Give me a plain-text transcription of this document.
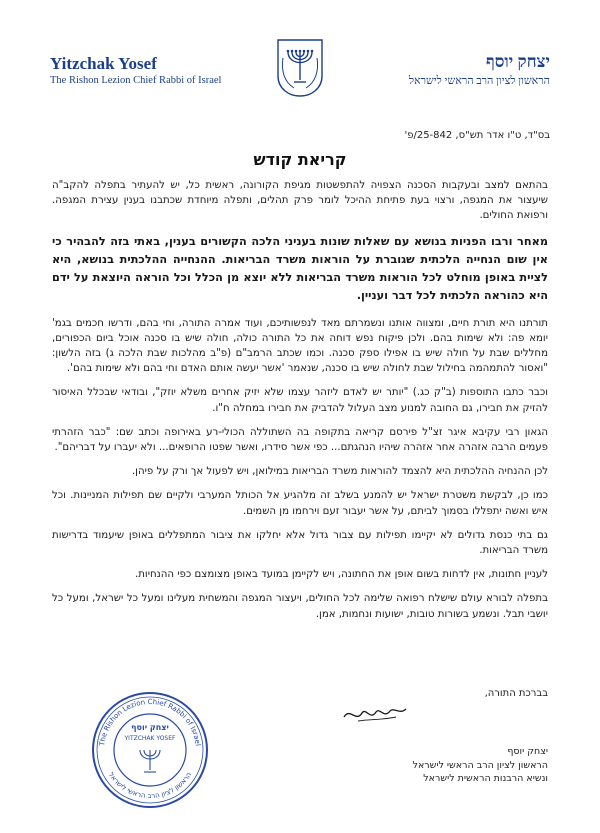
Yitzchak Yosef
The Rishon Lezion Chief Rabbi of Israel
יצחק יוסף
הראשון לציון הרב הראשי לישראל
בס"ד, ט"ו אדר תש"ס, 25-842/פ'
קריאת קודש

בהתאם למצב ובעקבות הסכנה הצפויה להתפשטות מגיפת הקורונה, ראשית כל, יש להעתיר בתפלה להקב"ה שיעצור את המגפה, ורצוי בעת פתיחת ההיכל לומר פרק תהלים, ותפלה מיוחדת שכתבנו בענין עצירת המגפה. ורפואת החולים.

מאחר ורבו הפניות בנושא עם שאלות שונות בעניני הלכה הקשורים בענין, באתי בזה להבהיר כי אין שום הנחייה הלכתית שגוברת על הוראות משרד הבריאות. ההנחייה ההלכתית בנושא, היא לציית באופן מוחלט לכל הוראות משרד הבריאות ללא יוצא מן הכלל וכל הוראה היוצאת על ידם היא כהוראה הלכתית לכל דבר ועניין.

תורתנו היא תורת חיים, ומצווה אותנו ונשמרתם מאד לנפשותיכם, ועוד אמרה התורה, וחי בהם, ודרשו חכמים בגמ' יומא פה: ולא שימות בהם. ולכן פיקוח נפש דוחה את כל התורה כולה, חולה שיש בו סכנה אוכל ביום הכפורים, מחללים שבת על חולה שיש בו אפילו ספק סכנה. וכמו שכתב הרמב"ם (פ"ב מהלכות שבת הלכה ג) בזה הלשון: "ואסור להתמהמה בחילול שבת לחולה שיש בו סכנה, שנאמר 'אשר יעשה אותם האדם וחי בהם ולא שימות בהם'.

וכבר כתבו התוספות (ב"ק כג.) "יותר יש לאדם ליזהר עצמו שלא יזיק אחרים משלא יוזק", ובודאי שבכלל האיסור להזיק את חבירו, גם החובה למנוע מצב העלול להדביק את חבירו במחלה ח"ו.

הגאון רבי עקיבא איגר זצ"ל פירסם קריאה בתקופה בה השתוללה הכולי-רע באירופה וכתב שם: "כבר הזהרתי פעמים הרבה אזהרה אחר אזהרה שיהיו הנהגתם... כפי אשר סידרו, ואשר שפטו הרופאים... ולא יעברו על דבריהם".

לכן ההנחיה ההלכתית היא להצמד להוראות משרד הבריאות במילואן, ויש לפעול אך ורק על פיהן.

כמו כן, לבקשת משטרת ישראל יש להמנע בשלב זה מלהגיע אל הכותל המערבי ולקיים שם תפילות המניינות. וכל איש ואשה יתפללו בסמוך לביתם, על אשר יעבור זעם וירחמו מן השמים.

גם בתי כנסת גדולים לא יקיימו תפילות עם צבור גדול אלא יחלקו את ציבור המתפללים באופן שיעמוד בדרישות משרד הבריאות.

לעניין חתונות, אין לדחות בשום אופן את החתונה, ויש לקיימן במועד באופן מצומצם כפי ההנחיות.

בתפלה לבורא עולם שישלח רפואה שלימה לכל החולים, ויעצור המגפה והמשחית מעלינו ומעל כל ישראל, ומעל כל יושבי תבל. ונשמע בשורות טובות, ישועות ונחמות, אמן.

בברכת התורה,
יצחק יוסף
הראשון לציון הרב הראשי לישראל
ונשיא הרבנות הראשית לישראל
The Rishon Lezion Chief Rabbi of Israel
הראשון לציון הרב הראשי לישראל
יצחק יוסף
YITZCHAK YOSEF
